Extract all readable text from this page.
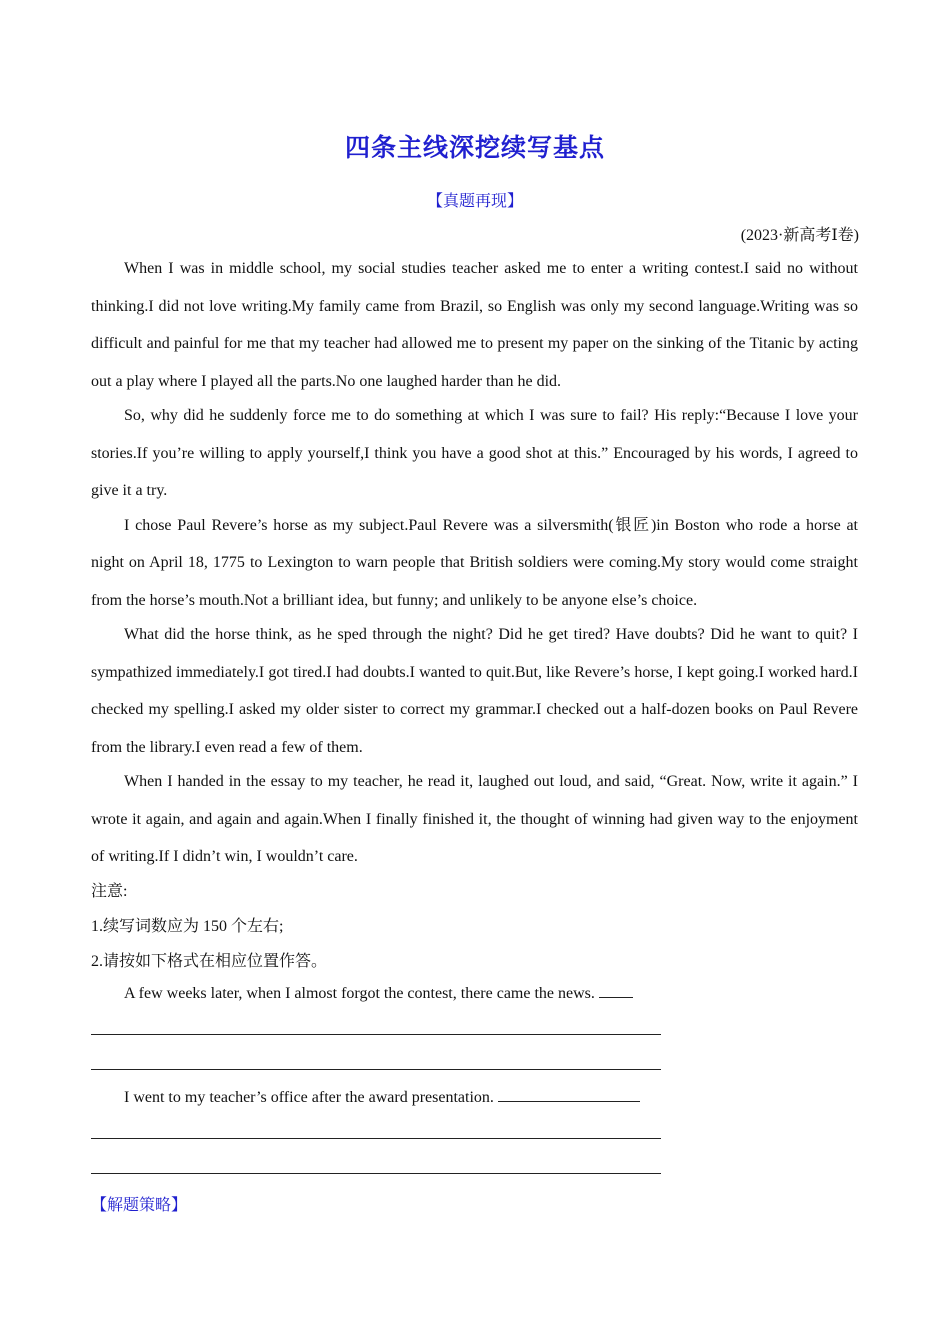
四条主线深挖续写基点
【真题再现】
(2023·新高考Ⅰ卷)

When I was in middle school, my social studies teacher asked me to enter a writing contest.I said no without thinking.I did not love writing.My family came from Brazil, so English was only my second language.Writing was so difficult and painful for me that my teacher had allowed me to present my paper on the sinking of the Titanic by acting out a play where I played all the parts.No one laughed harder than he did.

So, why did he suddenly force me to do something at which I was sure to fail? His reply:“Because I love your stories.If you’re willing to apply yourself,I think you have a good shot at this.” Encouraged by his words, I agreed to give it a try.

I chose Paul Revere’s horse as my subject.Paul Revere was a silversmith(银匠)in Boston who rode a horse at night on April 18, 1775 to Lexington to warn people that British soldiers were coming.My story would come straight from the horse’s mouth.Not a brilliant idea, but funny; and unlikely to be anyone else’s choice.

What did the horse think, as he sped through the night? Did he get tired? Have doubts? Did he want to quit? I sympathized immediately.I got tired.I had doubts.I wanted to quit.But, like Revere’s horse, I kept going.I worked hard.I checked my spelling.I asked my older sister to correct my grammar.I checked out a half-dozen books on Paul Revere from the library.I even read a few of them.

When I handed in the essay to my teacher, he read it, laughed out loud, and said, “Great. Now, write it again.” I wrote it again, and again and again.When I finally finished it, the thought of winning had given way to the enjoyment of writing.If I didn’t win, I wouldn’t care.

注意:
1.续写词数应为 150 个左右;
2.请按如下格式在相应位置作答。
A few weeks later, when I almost forgot the contest, there came the news.
I went to my teacher’s office after the award presentation.
【解题策略】
